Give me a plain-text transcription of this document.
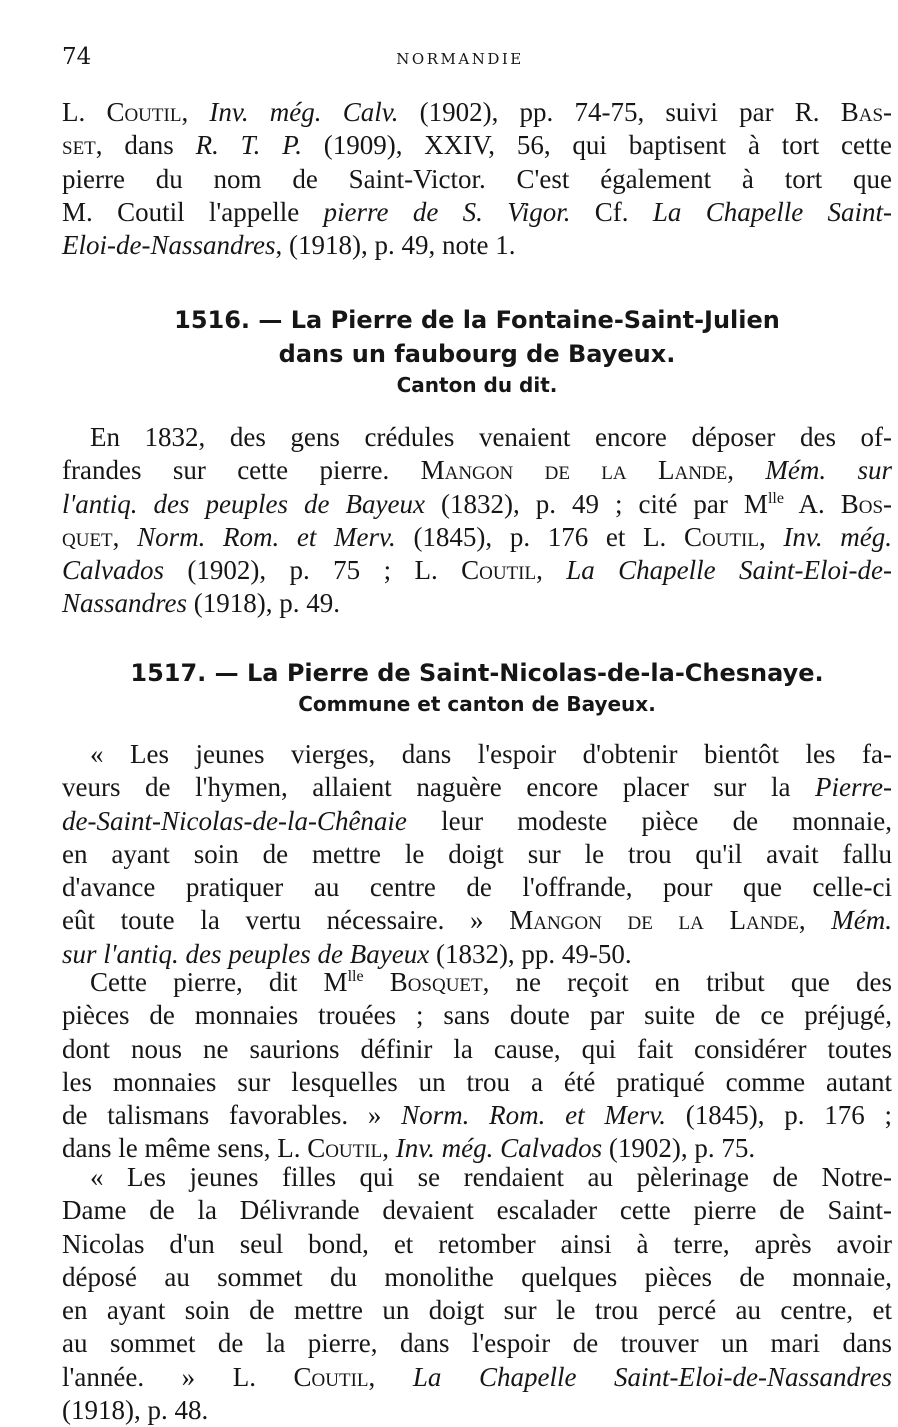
74	NORMANDIE
L. Coutil, Inv. még. Calv. (1902), pp. 74-75, suivi par R. Bas-
set, dans R. T. P. (1909), XXIV, 56, qui baptisent à tort cette
pierre du nom de Saint-Victor. C'est également à tort que
M. Coutil l'appelle pierre de S. Vigor. Cf. La Chapelle Saint-
Eloi-de-Nassandres, (1918), p. 49, note 1.
1516. — La Pierre de la Fontaine-Saint-Julien
dans un faubourg de Bayeux.
Canton du dit.
En 1832, des gens crédules venaient encore déposer des of-
frandes sur cette pierre. Mangon de la Lande, Mém. sur
l'antiq. des peuples de Bayeux (1832), p. 49 ; cité par $M^{lle}$ A. Bos-
quet, Norm. Rom. et Merv. (1845), p. 176 et L. Coutil, Inv. még.
Calvados (1902), p. 75 ; L. Coutil, La Chapelle Saint-Eloi-de-
Nassandres (1918), p. 49.
1517. — La Pierre de Saint-Nicolas-de-la-Chesnaye.
Commune et canton de Bayeux.
« Les jeunes vierges, dans l'espoir d'obtenir bientôt les fa-
veurs de l'hymen, allaient naguère encore placer sur la Pierre-
de-Saint-Nicolas-de-la-Chênaie leur modeste pièce de monnaie,
en ayant soin de mettre le doigt sur le trou qu'il avait fallu
d'avance pratiquer au centre de l'offrande, pour que celle-ci
eût toute la vertu nécessaire. » Mangon de la Lande, Mém.
sur l'antiq. des peuples de Bayeux (1832), pp. 49-50.
Cette pierre, dit $M^{lle}$ Bosquet, ne reçoit en tribut que des
pièces de monnaies trouées ; sans doute par suite de ce préjugé,
dont nous ne saurions définir la cause, qui fait considérer toutes
les monnaies sur lesquelles un trou a été pratiqué comme autant
de talismans favorables. » Norm. Rom. et Merv. (1845), p. 176 ;
dans le même sens, L. Coutil, Inv. még. Calvados (1902), p. 75.
« Les jeunes filles qui se rendaient au pèlerinage de Notre-
Dame de la Délivrande devaient escalader cette pierre de Saint-
Nicolas d'un seul bond, et retomber ainsi à terre, après avoir
déposé au sommet du monolithe quelques pièces de monnaie,
en ayant soin de mettre un doigt sur le trou percé au centre, et
au sommet de la pierre, dans l'espoir de trouver un mari dans
l'année. » L. Coutil, La Chapelle Saint-Eloi-de-Nassandres
(1918), p. 48.
